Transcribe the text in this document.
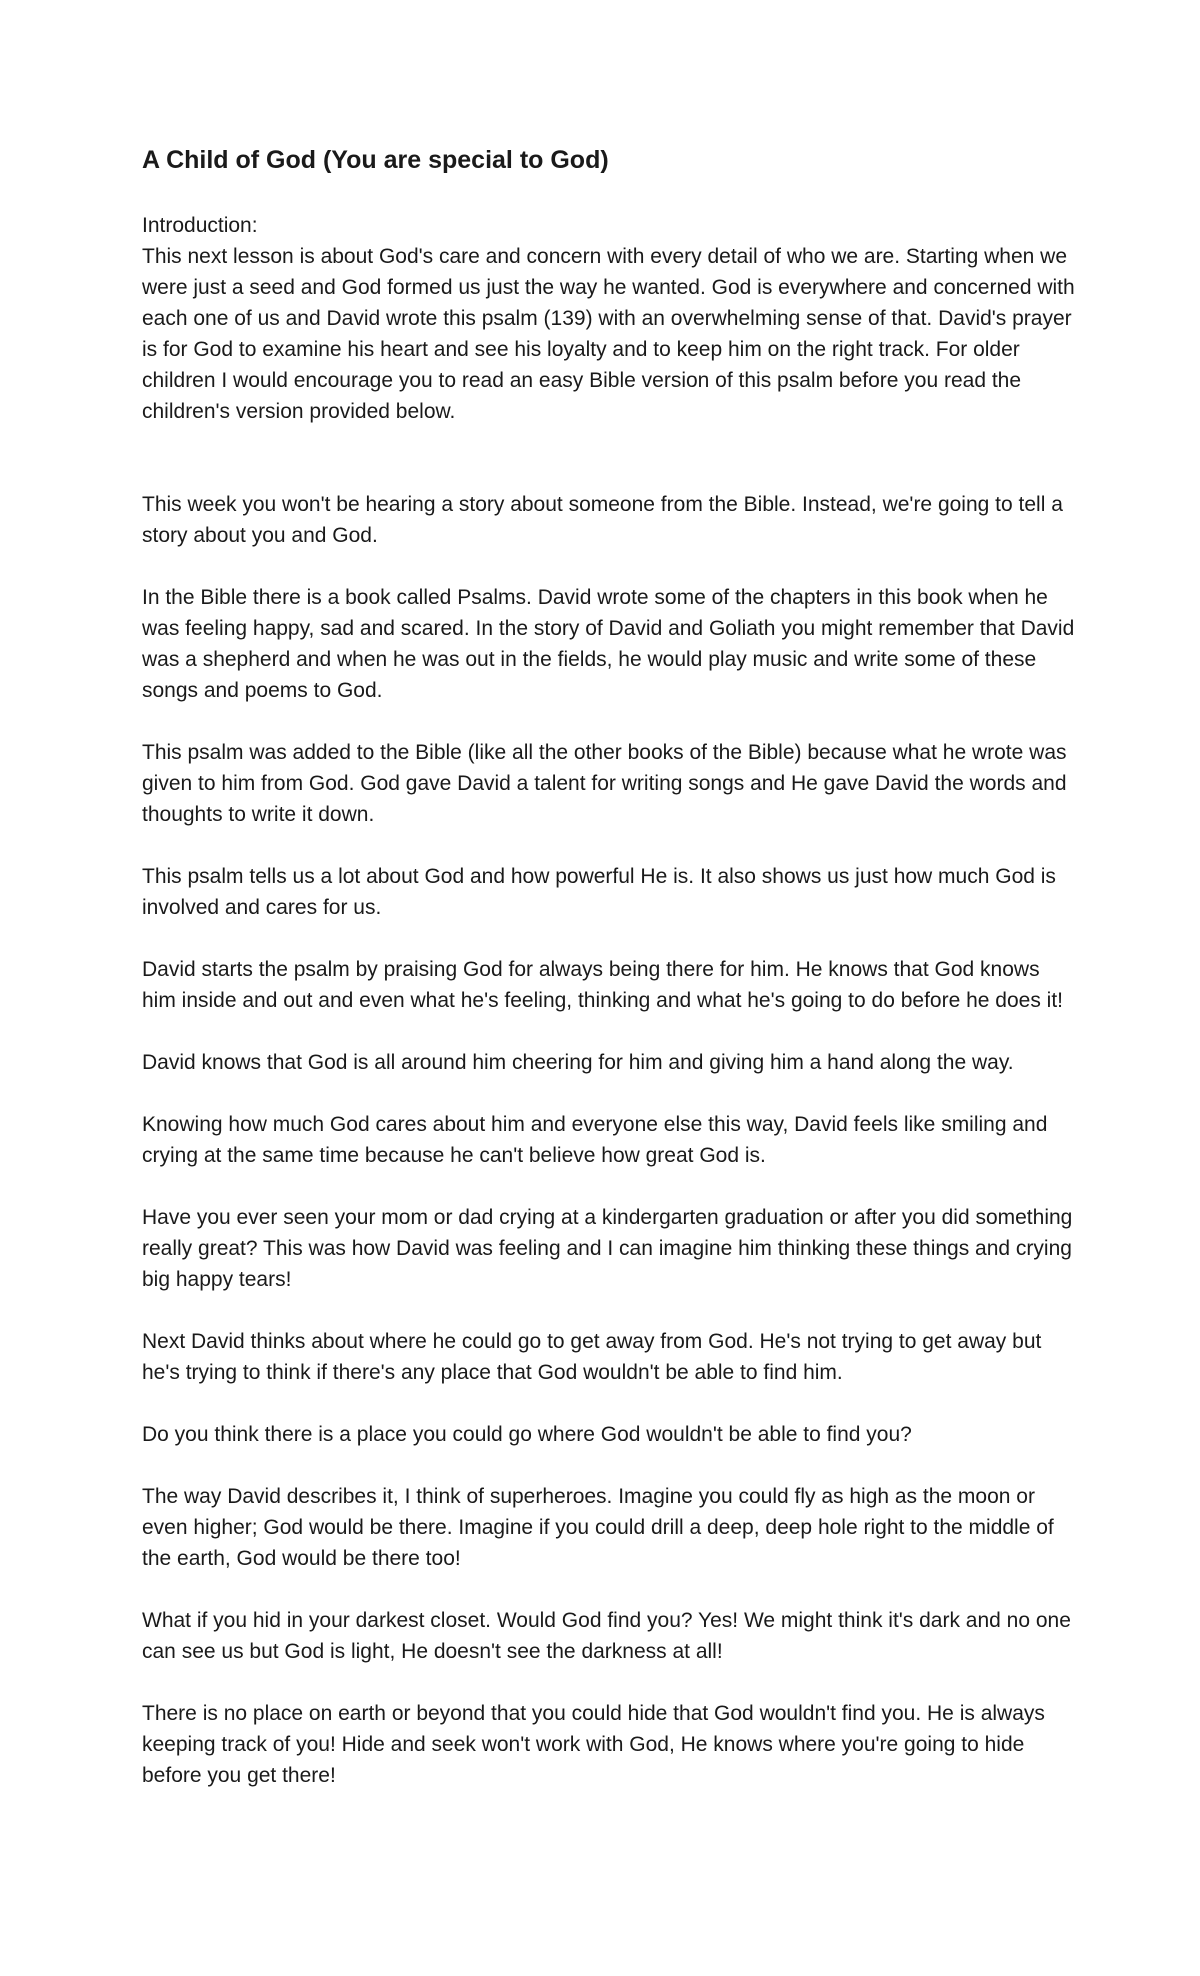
A Child of God (You are special to God)

Introduction:

This next lesson is about God's care and concern with every detail of who we are. Starting when we were just a seed and God formed us just the way he wanted. God is everywhere and concerned with each one of us and David wrote this psalm (139) with an overwhelming sense of that. David's prayer is for God to examine his heart and see his loyalty and to keep him on the right track. For older children I would encourage you to read an easy Bible version of this psalm before you read the children's version provided below.

This week you won't be hearing a story about someone from the Bible. Instead, we're going to tell a story about you and God.

In the Bible there is a book called Psalms. David wrote some of the chapters in this book when he was feeling happy, sad and scared. In the story of David and Goliath you might remember that David was a shepherd and when he was out in the fields, he would play music and write some of these songs and poems to God.

This psalm was added to the Bible (like all the other books of the Bible) because what he wrote was given to him from God. God gave David a talent for writing songs and He gave David the words and thoughts to write it down.

This psalm tells us a lot about God and how powerful He is. It also shows us just how much God is involved and cares for us.

David starts the psalm by praising God for always being there for him. He knows that God knows him inside and out and even what he's feeling, thinking and what he's going to do before he does it!

David knows that God is all around him cheering for him and giving him a hand along the way.

Knowing how much God cares about him and everyone else this way, David feels like smiling and crying at the same time because he can't believe how great God is.

Have you ever seen your mom or dad crying at a kindergarten graduation or after you did something really great? This was how David was feeling and I can imagine him thinking these things and crying big happy tears!

Next David thinks about where he could go to get away from God. He's not trying to get away but he's trying to think if there's any place that God wouldn't be able to find him.

Do you think there is a place you could go where God wouldn't be able to find you?

The way David describes it, I think of superheroes. Imagine you could fly as high as the moon or even higher; God would be there. Imagine if you could drill a deep, deep hole right to the middle of the earth, God would be there too!

What if you hid in your darkest closet. Would God find you? Yes! We might think it's dark and no one can see us but God is light, He doesn't see the darkness at all!

There is no place on earth or beyond that you could hide that God wouldn't find you. He is always keeping track of you! Hide and seek won't work with God, He knows where you're going to hide before you get there!
